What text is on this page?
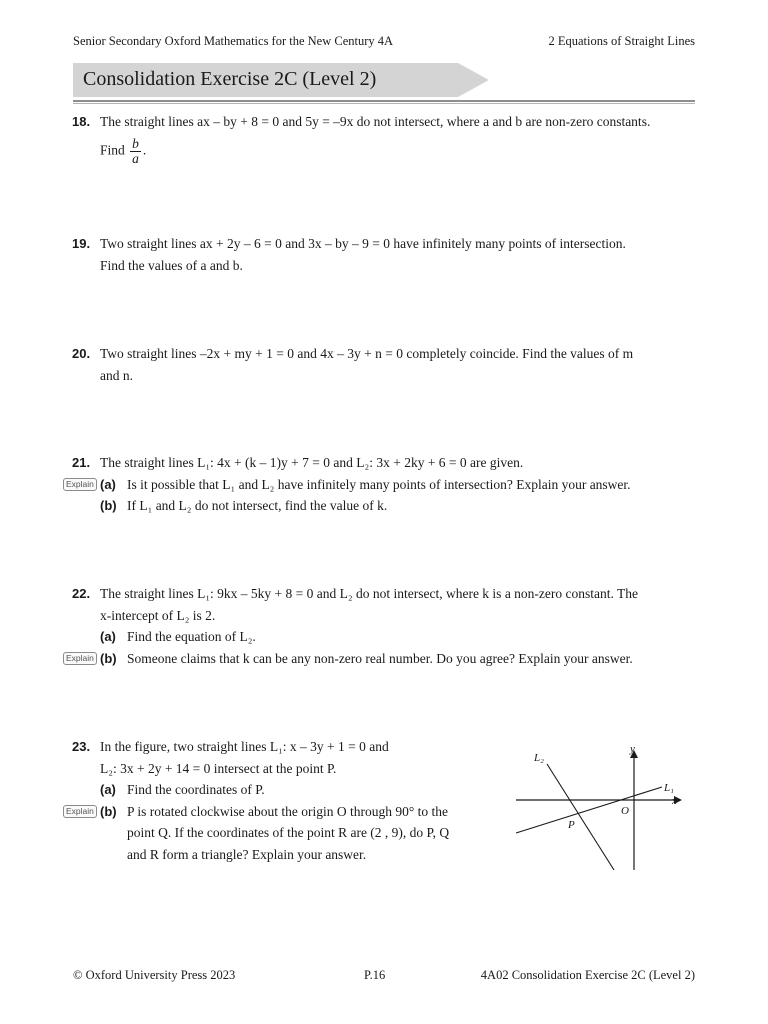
Senior Secondary Oxford Mathematics for the New Century 4A	2 Equations of Straight Lines
Consolidation Exercise 2C (Level 2)
18. The straight lines ax – by + 8 = 0 and 5y = –9x do not intersect, where a and b are non-zero constants.
Find $\frac{b}{a}$ .
19. Two straight lines ax + 2y – 6 = 0 and 3x – by – 9 = 0 have infinitely many points of intersection.
Find the values of a and b.
20. Two straight lines –2x + my + 1 = 0 and 4x – 3y + n = 0 completely coincide. Find the values of m
and n.
21. The straight lines L₁: 4x + (k – 1)y + 7 = 0 and L₂: 3x + 2ky + 6 = 0 are given.
Explain (a) Is it possible that L₁ and L₂ have infinitely many points of intersection? Explain your answer.
(b) If L₁ and L₂ do not intersect, find the value of k.
22. The straight lines L₁: 9kx – 5ky + 8 = 0 and L₂ do not intersect, where k is a non-zero constant. The
x-intercept of L₂ is 2.
(a) Find the equation of L₂.
Explain (b) Someone claims that k can be any non-zero real number. Do you agree? Explain your answer.
23. In the figure, two straight lines L₁: x – 3y + 1 = 0 and
L₂: 3x + 2y + 14 = 0 intersect at the point P.
(a) Find the coordinates of P.
Explain (b) P is rotated clockwise about the origin O through 90° to the
point Q. If the coordinates of the point R are (2 , 9), do P, Q
and R form a triangle? Explain your answer.
L₂
y
L₁
x
O
P
© Oxford University Press 2023	P.16	4A02 Consolidation Exercise 2C (Level 2)
